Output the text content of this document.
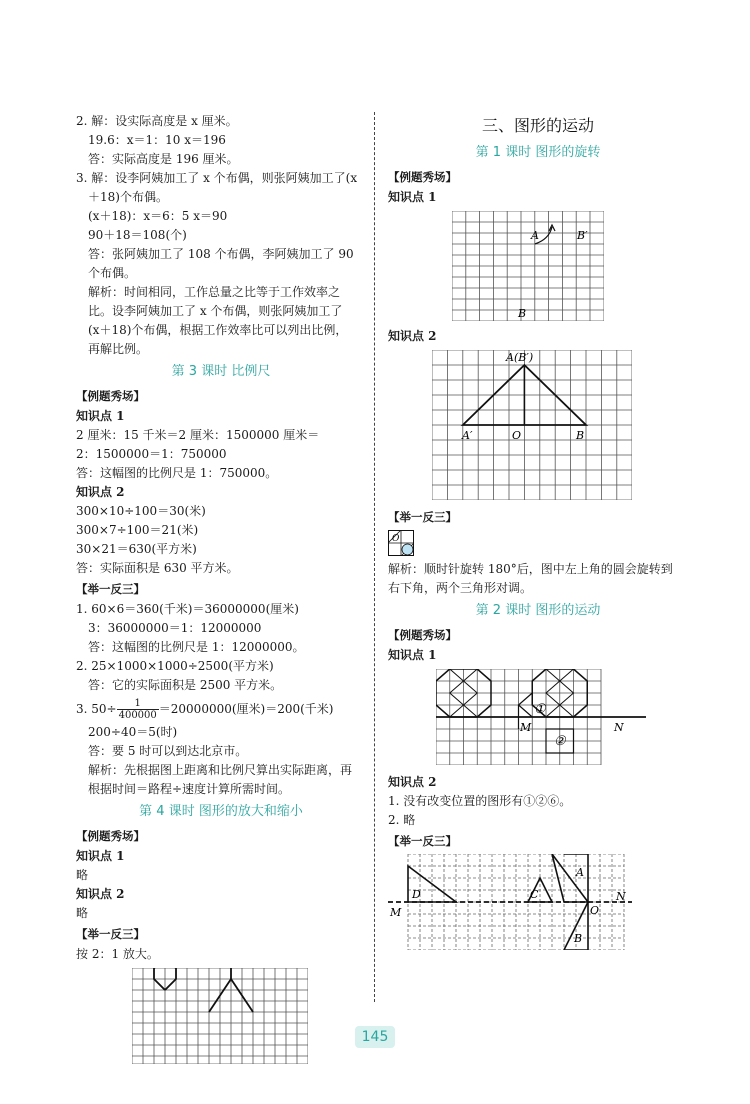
2. 解：设实际高度是 x 厘米。
19.6：x＝1：10 x＝196
答：实际高度是 196 厘米。
3. 解：设李阿姨加工了 x 个布偶，则张阿姨加工了(x
＋18)个布偶。
(x＋18)：x＝6：5 x＝90
90＋18＝108(个)
答：张阿姨加工了 108 个布偶，李阿姨加工了 90
个布偶。
解析：时间相同，工作总量之比等于工作效率之
比。设李阿姨加工了 x 个布偶，则张阿姨加工了
(x＋18)个布偶，根据工作效率比可以列出比例，
再解比例。
第 3 课时 比例尺
【例题秀场】
知识点 1
2 厘米：15 千米＝2 厘米：1500000 厘米＝
2：1500000＝1：750000
答：这幅图的比例尺是 1：750000。
知识点 2
300×10÷100＝30(米)
300×7÷100＝21(米)
30×21＝630(平方米)
答：实际面积是 630 平方米。
【举一反三】
1. 60×6＝360(千米)＝36000000(厘米)
3：36000000＝1：12000000
答：这幅图的比例尺是 1：12000000。
2. 25×1000×1000÷2500(平方米)
答：它的实际面积是 2500 平方米。
3. $50\div \frac{1}{400000} =20000000$(厘米)＝200(千米)
200÷40＝5(时)
答：要 5 时可以到达北京市。
解析：先根据图上距离和比例尺算出实际距离，再
根据时间＝路程÷速度计算所需时间。
第 4 课时 图形的放大和缩小
【例题秀场】
知识点 1
略
知识点 2
略
【举一反三】
按 2：1 放大。
三、图形的运动
第 1 课时 图形的旋转
【例题秀场】
知识点 1
A	B′
B
知识点 2
A(B′)
A′	O	B
【举一反三】
O
解析：顺时针旋转 180°后，图中左上角的圆会旋转到
右下角，两个三角形对调。
第 2 课时 图形的运动
【例题秀场】
知识点 1
①
②
M	N
知识点 2
1. 没有改变位置的图形有①②⑥。
2. 略
【举一反三】
M
N
O
A
B
C
D
145
